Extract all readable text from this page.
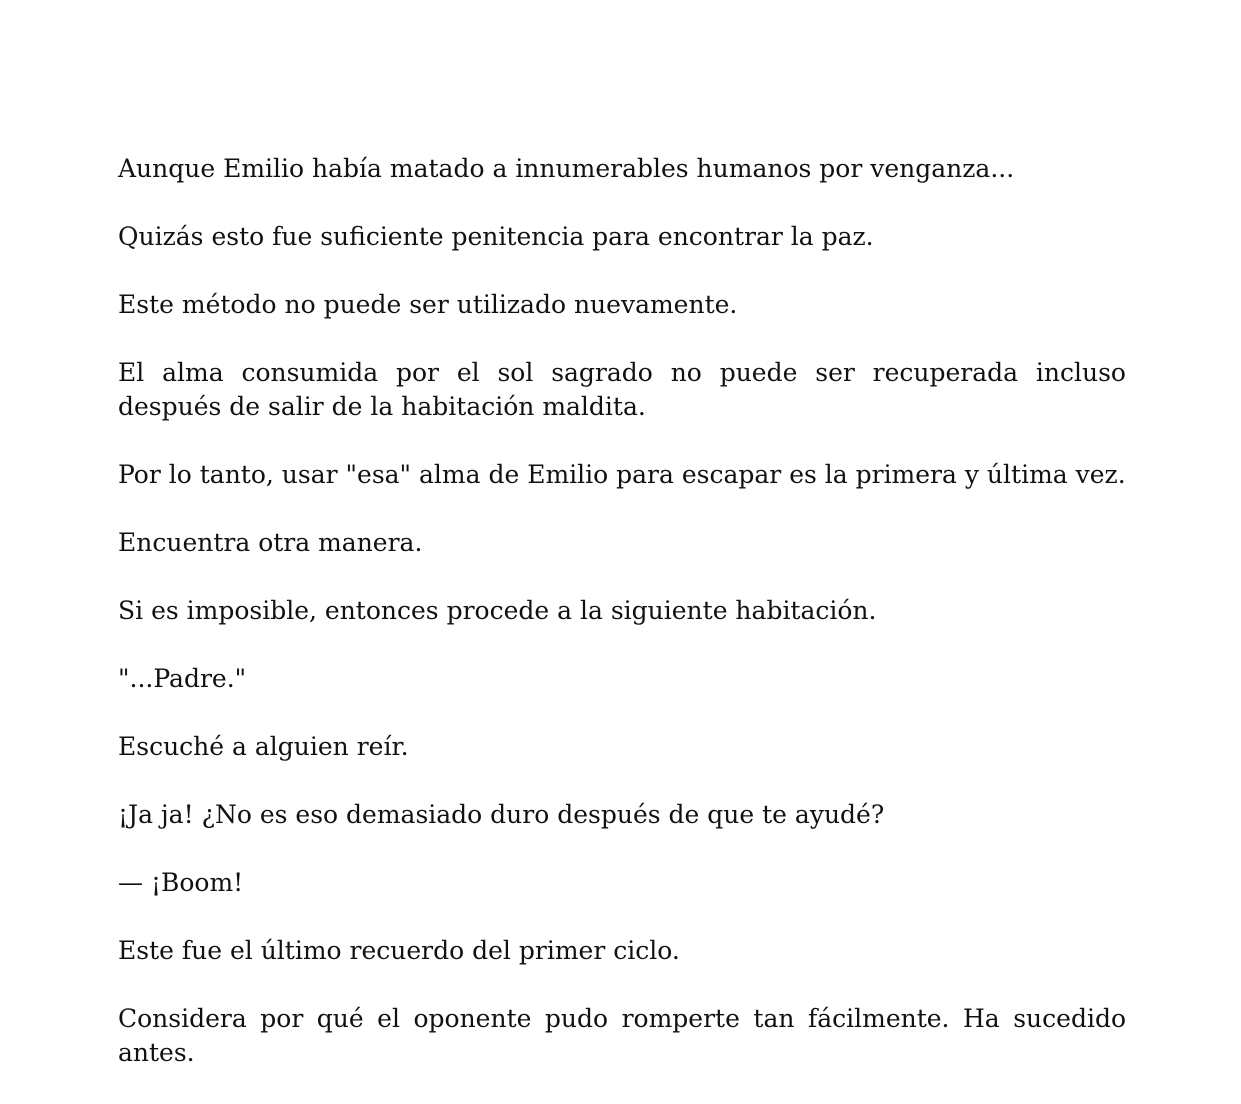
Aunque Emilio había matado a innumerables humanos por venganza...

Quizás esto fue suficiente penitencia para encontrar la paz.

Este método no puede ser utilizado nuevamente.

El alma consumida por el sol sagrado no puede ser recuperada incluso después de salir de la habitación maldita.

Por lo tanto, usar "esa" alma de Emilio para escapar es la primera y última vez.

Encuentra otra manera.

Si es imposible, entonces procede a la siguiente habitación.

"...Padre."

Escuché a alguien reír.

¡Ja ja! ¿No es eso demasiado duro después de que te ayudé?

— ¡Boom!

Este fue el último recuerdo del primer ciclo.

Considera por qué el oponente pudo romperte tan fácilmente. Ha sucedido antes.
